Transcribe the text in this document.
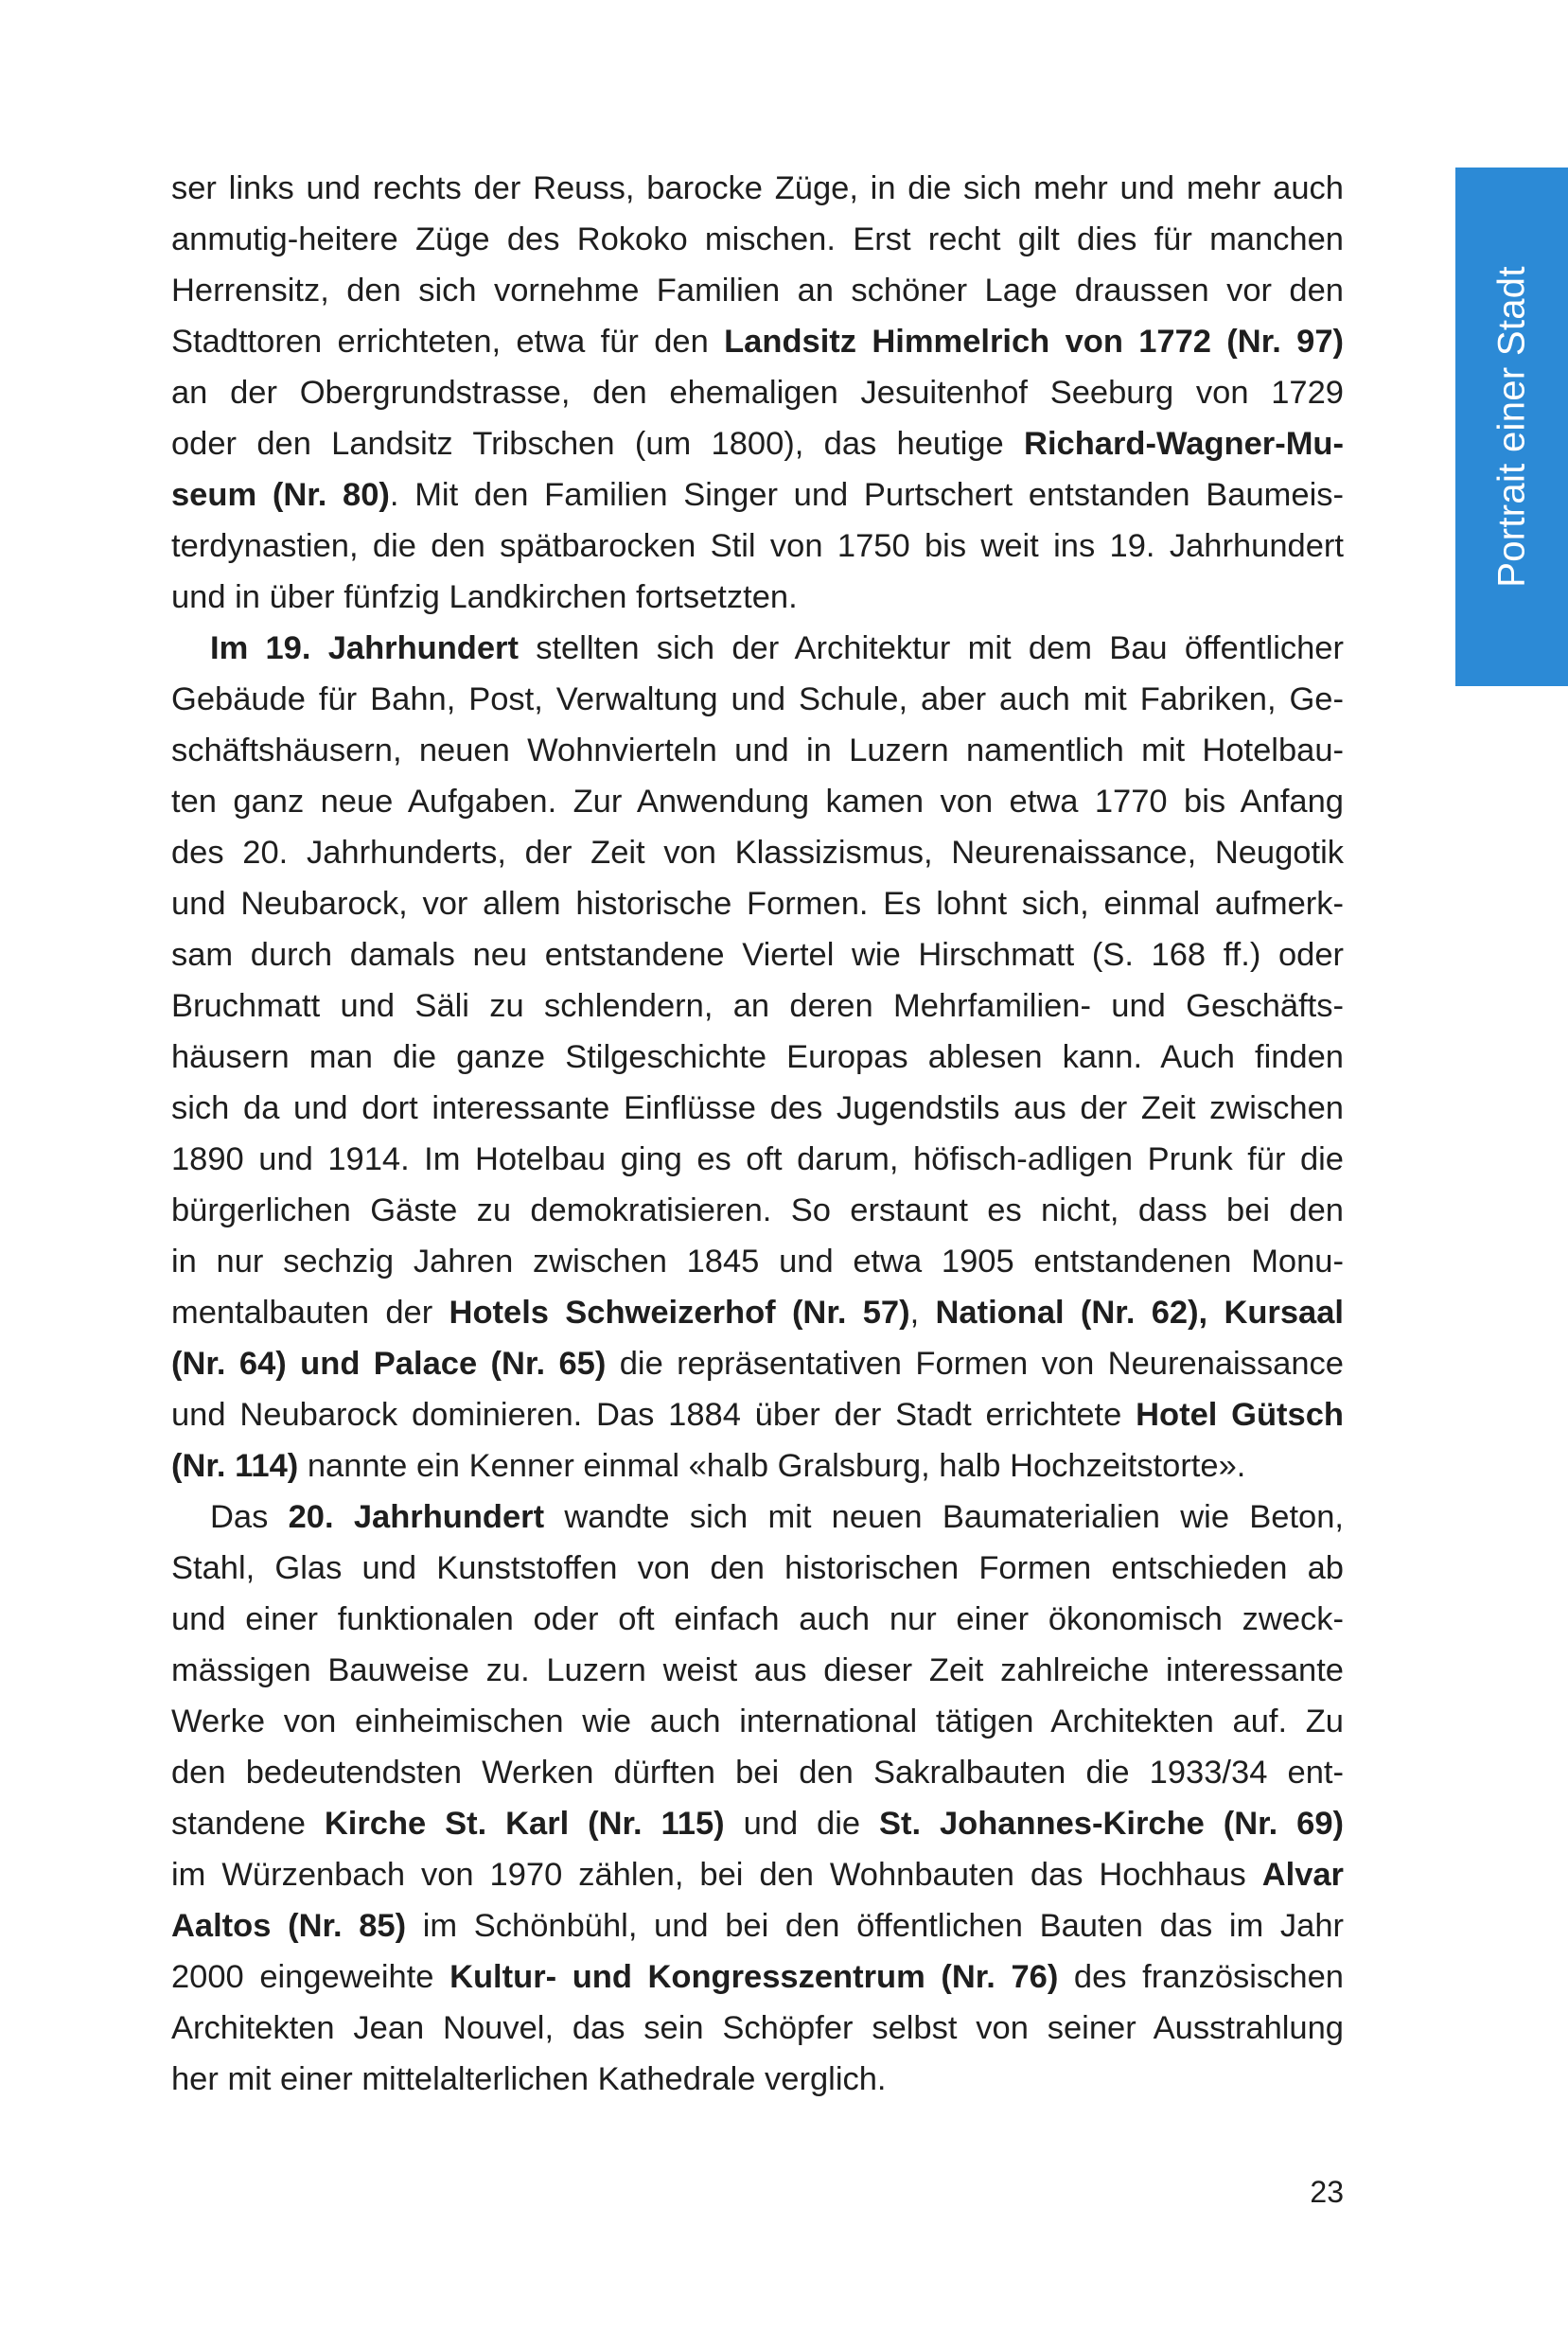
ser links und rechts der Reuss, barocke Züge, in die sich mehr und mehr auch
anmutig-heitere Züge des Rokoko mischen. Erst recht gilt dies für manchen
Herrensitz, den sich vornehme Familien an schöner Lage draussen vor den
Stadttoren errichteten, etwa für den Landsitz Himmelrich von 1772 (Nr. 97)
an der Obergrundstrasse, den ehemaligen Jesuitenhof Seeburg von 1729
oder den Landsitz Tribschen (um 1800), das heutige Richard-Wagner-Mu-
seum (Nr. 80). Mit den Familien Singer und Purtschert entstanden Baumeis-
terdynastien, die den spätbarocken Stil von 1750 bis weit ins 19. Jahrhundert
und in über fünfzig Landkirchen fortsetzten.
Im 19. Jahrhundert stellten sich der Architektur mit dem Bau öffentlicher
Gebäude für Bahn, Post, Verwaltung und Schule, aber auch mit Fabriken, Ge-
schäftshäusern, neuen Wohnvierteln und in Luzern namentlich mit Hotelbau-
ten ganz neue Aufgaben. Zur Anwendung kamen von etwa 1770 bis Anfang
des 20. Jahrhunderts, der Zeit von Klassizismus, Neurenaissance, Neugotik
und Neubarock, vor allem historische Formen. Es lohnt sich, einmal aufmerk-
sam durch damals neu entstandene Viertel wie Hirschmatt (S. 168 ff.) oder
Bruchmatt und Säli zu schlendern, an deren Mehrfamilien- und Geschäfts-
häusern man die ganze Stilgeschichte Europas ablesen kann. Auch finden
sich da und dort interessante Einflüsse des Jugendstils aus der Zeit zwischen
1890 und 1914. Im Hotelbau ging es oft darum, höfisch-adligen Prunk für die
bürgerlichen Gäste zu demokratisieren. So erstaunt es nicht, dass bei den
in nur sechzig Jahren zwischen 1845 und etwa 1905 entstandenen Monu-
mentalbauten der Hotels Schweizerhof (Nr. 57), National (Nr. 62), Kursaal
(Nr. 64) und Palace (Nr. 65) die repräsentativen Formen von Neurenaissance
und Neubarock dominieren. Das 1884 über der Stadt errichtete Hotel Gütsch
(Nr. 114) nannte ein Kenner einmal «halb Gralsburg, halb Hochzeitstorte».
Das 20. Jahrhundert wandte sich mit neuen Baumaterialien wie Beton,
Stahl, Glas und Kunststoffen von den historischen Formen entschieden ab
und einer funktionalen oder oft einfach auch nur einer ökonomisch zweck-
mässigen Bauweise zu. Luzern weist aus dieser Zeit zahlreiche interessante
Werke von einheimischen wie auch international tätigen Architekten auf. Zu
den bedeutendsten Werken dürften bei den Sakralbauten die 1933/34 ent-
standene Kirche St. Karl (Nr. 115) und die St. Johannes-Kirche (Nr. 69)
im Würzenbach von 1970 zählen, bei den Wohnbauten das Hochhaus Alvar
Aaltos (Nr. 85) im Schönbühl, und bei den öffentlichen Bauten das im Jahr
2000 eingeweihte Kultur- und Kongresszentrum (Nr. 76) des französischen
Architekten Jean Nouvel, das sein Schöpfer selbst von seiner Ausstrahlung
her mit einer mittelalterlichen Kathedrale verglich.
Portrait einer Stadt
23
